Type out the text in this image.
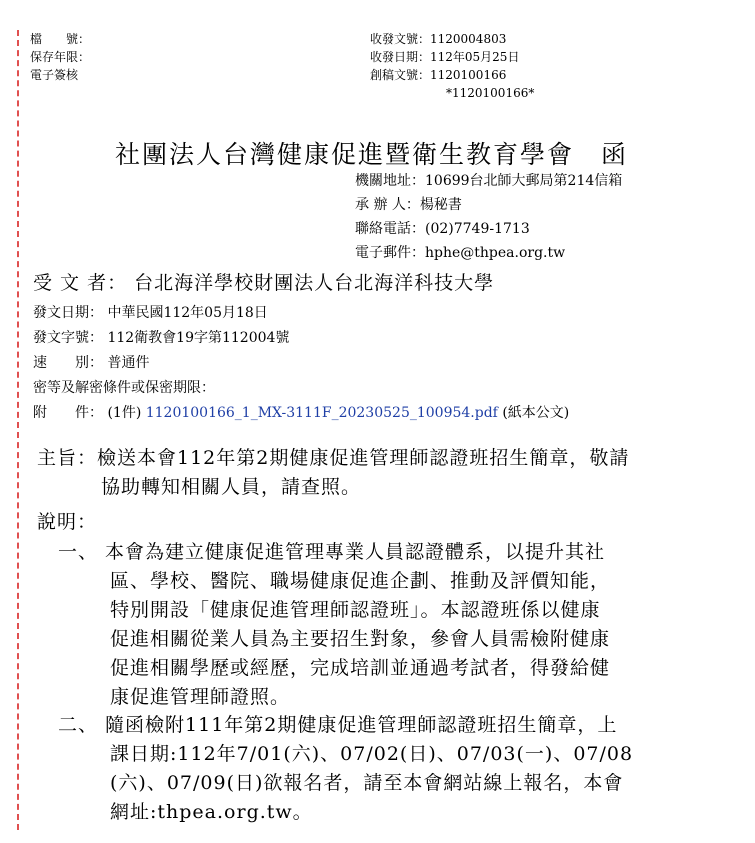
檔　　號：
保存年限：
電子簽核
收發文號：1120004803
收發日期：112年05月25日
創稿文號：1120100166
*1120100166*
社團法人台灣健康促進暨衛生教育學會　函
機關地址：10699台北師大郵局第214信箱
承 辦 人：楊秘書
聯絡電話：(02)7749-1713
電子郵件：hphe@thpea.org.tw
受 文 者： 台北海洋學校財團法人台北海洋科技大學
發文日期： 中華民國112年05月18日
發文字號： 112衛教會19字第112004號
速　　別： 普通件
密等及解密條件或保密期限：
附　　件： (1件) 1120100166_1_MX-3111F_20230525_100954.pdf (紙本公文)
主旨：檢送本會112年第2期健康促進管理師認證班招生簡章，敬請
協助轉知相關人員，請查照。
說明：
一、 本會為建立健康促進管理專業人員認證體系，以提升其社
區、學校、醫院、職場健康促進企劃、推動及評價知能，
特別開設「健康促進管理師認證班」。本認證班係以健康
促進相關從業人員為主要招生對象，參會人員需檢附健康
促進相關學歷或經歷，完成培訓並通過考試者，得發給健
康促進管理師證照。
二、 隨函檢附111年第2期健康促進管理師認證班招生簡章，上
課日期:112年7/01(六)、07/02(日)、07/03(一)、07/08
(六)、07/09(日)欲報名者，請至本會網站線上報名，本會
網址:thpea.org.tw。
